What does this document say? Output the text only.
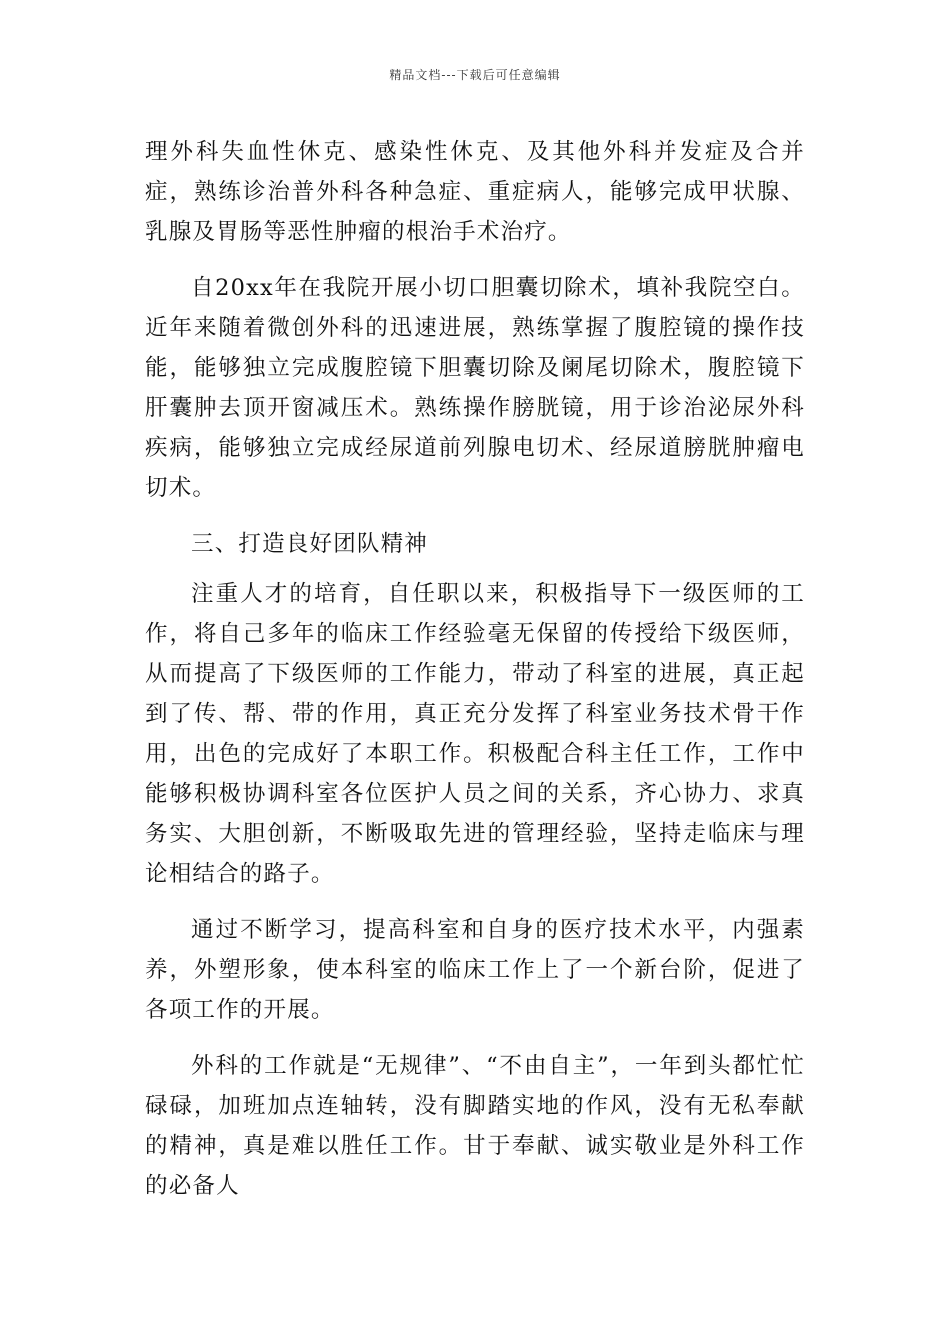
精品文档---下载后可任意编辑

理外科失血性休克、感染性休克、及其他外科并发症及合并症，熟练诊治普外科各种急症、重症病人，能够完成甲状腺、乳腺及胃肠等恶性肿瘤的根治手术治疗。

自20xx年在我院开展小切口胆囊切除术，填补我院空白。近年来随着微创外科的迅速进展，熟练掌握了腹腔镜的操作技能，能够独立完成腹腔镜下胆囊切除及阑尾切除术，腹腔镜下肝囊肿去顶开窗减压术。熟练操作膀胱镜，用于诊治泌尿外科疾病，能够独立完成经尿道前列腺电切术、经尿道膀胱肿瘤电切术。

三、打造良好团队精神

注重人才的培育，自任职以来，积极指导下一级医师的工作，将自己多年的临床工作经验毫无保留的传授给下级医师，从而提高了下级医师的工作能力，带动了科室的进展，真正起到了传、帮、带的作用，真正充分发挥了科室业务技术骨干作用，出色的完成好了本职工作。积极配合科主任工作，工作中能够积极协调科室各位医护人员之间的关系，齐心协力、求真务实、大胆创新，不断吸取先进的管理经验，坚持走临床与理论相结合的路子。

通过不断学习，提高科室和自身的医疗技术水平，内强素养，外塑形象，使本科室的临床工作上了一个新台阶，促进了各项工作的开展。

外科的工作就是“无规律”、“不由自主”，一年到头都忙忙碌碌，加班加点连轴转，没有脚踏实地的作风，没有无私奉献的精神，真是难以胜任工作。甘于奉献、诚实敬业是外科工作的必备人
